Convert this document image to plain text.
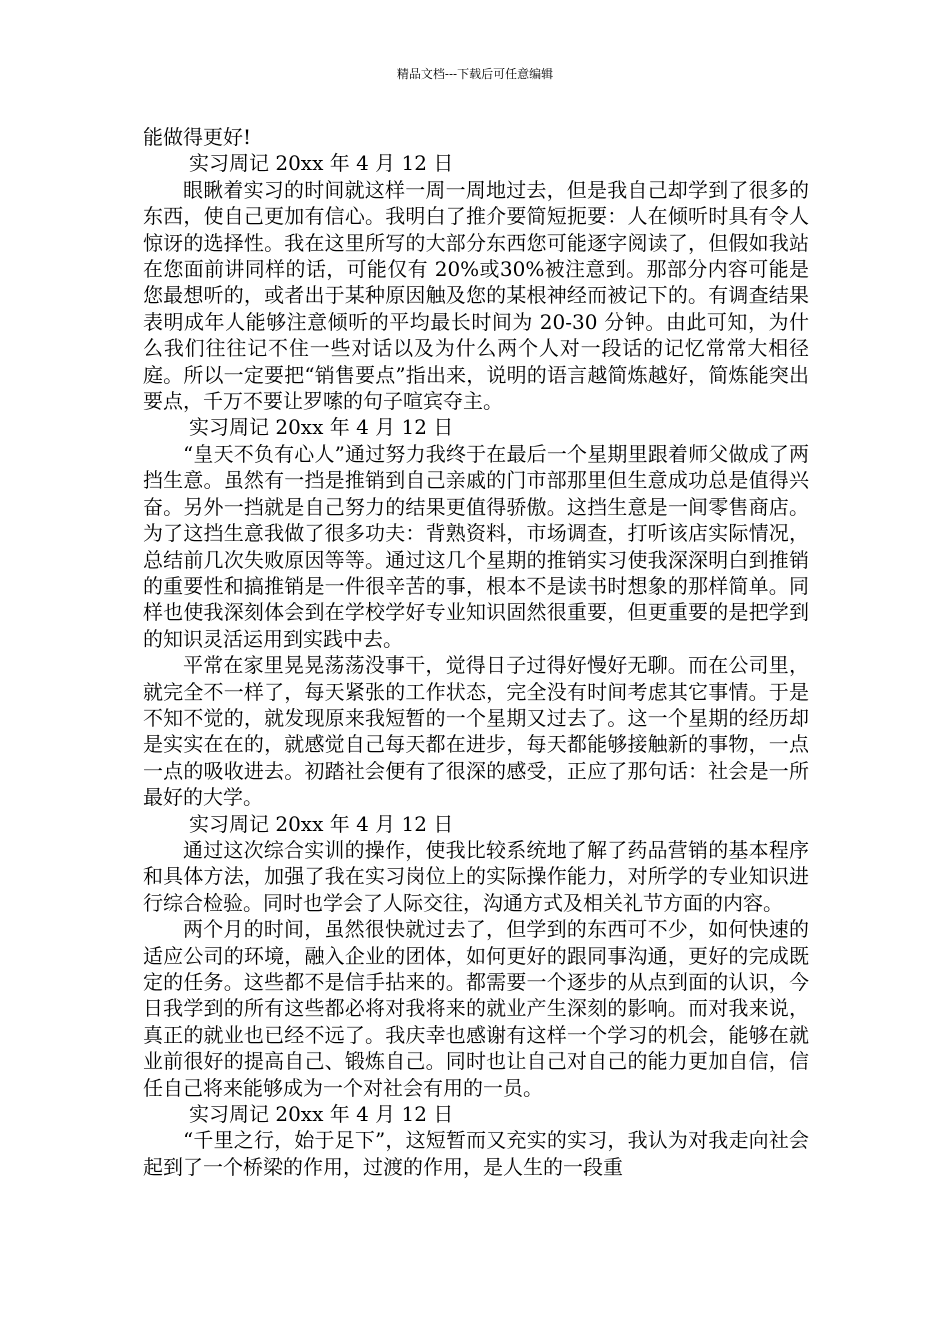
精品文档---下载后可任意编辑

能做得更好!

实习周记 20xx 年 4 月 12 日

眼瞅着实习的时间就这样一周一周地过去，但是我自己却学到了很多的东西，使自己更加有信心。我明白了推介要简短扼要：人在倾听时具有令人惊讶的选择性。我在这里所写的大部分东西您可能逐字阅读了，但假如我站在您面前讲同样的话，可能仅有 20%或30%被注意到。那部分内容可能是您最想听的，或者出于某种原因触及您的某根神经而被记下的。有调查结果表明成年人能够注意倾听的平均最长时间为 20-30 分钟。由此可知，为什么我们往往记不住一些对话以及为什么两个人对一段话的记忆常常大相径庭。所以一定要把“销售要点”指出来，说明的语言越简炼越好，简炼能突出要点，千万不要让罗嗦的句子喧宾夺主。

实习周记 20xx 年 4 月 12 日

“皇天不负有心人”通过努力我终于在最后一个星期里跟着师父做成了两挡生意。虽然有一挡是推销到自己亲戚的门市部那里但生意成功总是值得兴奋。另外一挡就是自己努力的结果更值得骄傲。这挡生意是一间零售商店。为了这挡生意我做了很多功夫：背熟资料，市场调查，打听该店实际情况，总结前几次失败原因等等。通过这几个星期的推销实习使我深深明白到推销的重要性和搞推销是一件很辛苦的事，根本不是读书时想象的那样简单。同样也使我深刻体会到在学校学好专业知识固然很重要，但更重要的是把学到的知识灵活运用到实践中去。

平常在家里晃晃荡荡没事干，觉得日子过得好慢好无聊。而在公司里，就完全不一样了，每天紧张的工作状态，完全没有时间考虑其它事情。于是不知不觉的，就发现原来我短暂的一个星期又过去了。这一个星期的经历却是实实在在的，就感觉自己每天都在进步，每天都能够接触新的事物，一点一点的吸收进去。初踏社会便有了很深的感受，正应了那句话：社会是一所最好的大学。

实习周记 20xx 年 4 月 12 日

通过这次综合实训的操作，使我比较系统地了解了药品营销的基本程序和具体方法，加强了我在实习岗位上的实际操作能力，对所学的专业知识进行综合检验。同时也学会了人际交往，沟通方式及相关礼节方面的内容。

两个月的时间，虽然很快就过去了，但学到的东西可不少，如何快速的适应公司的环境，融入企业的团体，如何更好的跟同事沟通，更好的完成既定的任务。这些都不是信手拈来的。都需要一个逐步的从点到面的认识，今日我学到的所有这些都必将对我将来的就业产生深刻的影响。而对我来说，真正的就业也已经不远了。我庆幸也感谢有这样一个学习的机会，能够在就业前很好的提高自己、锻炼自己。同时也让自己对自己的能力更加自信，信任自己将来能够成为一个对社会有用的一员。

实习周记 20xx 年 4 月 12 日

“千里之行，始于足下”，这短暂而又充实的实习，我认为对我走向社会起到了一个桥梁的作用，过渡的作用，是人生的一段重
